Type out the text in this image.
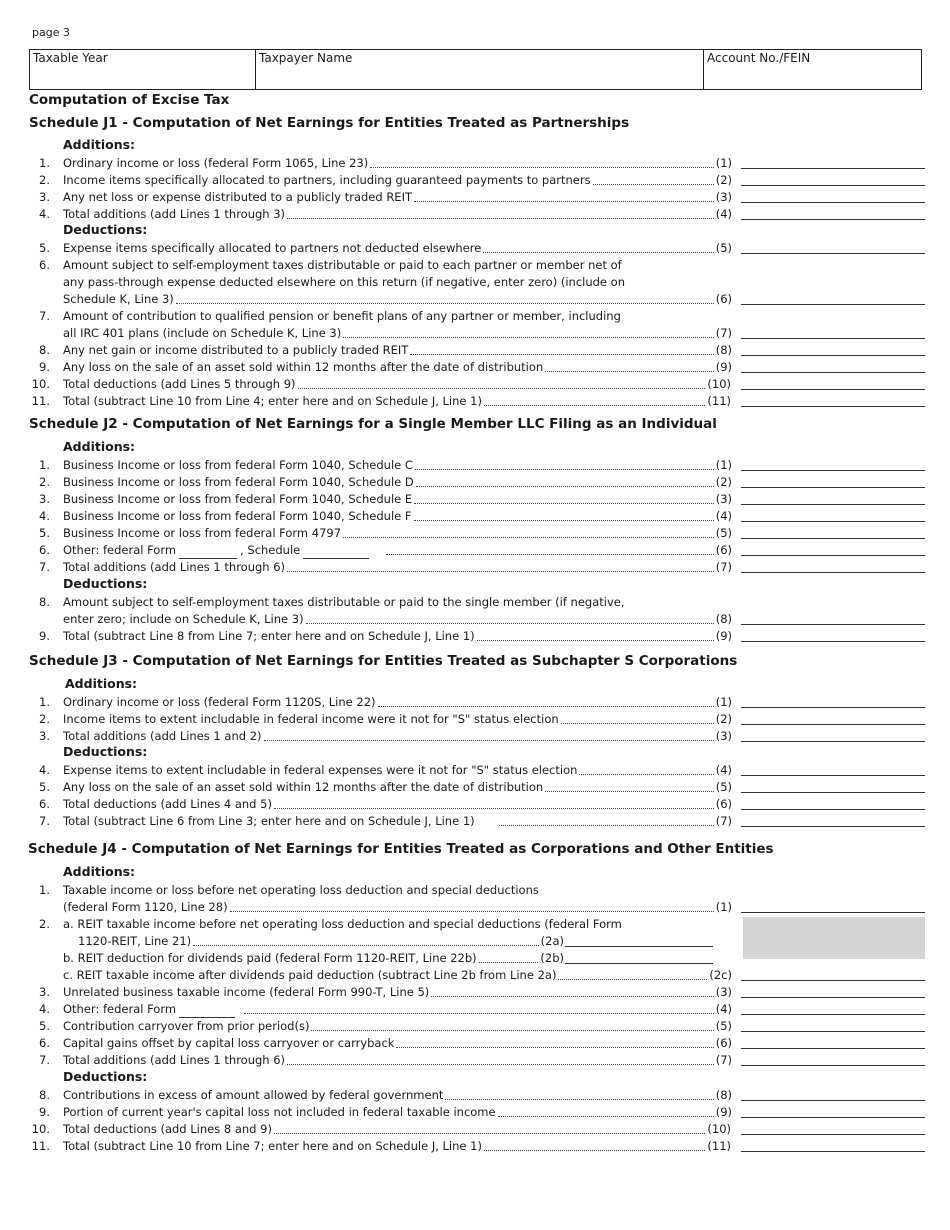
page 3
Taxable Year	Taxpayer Name	Account No./FEIN
Computation of Excise Tax
Schedule J1 - Computation of Net Earnings for Entities Treated as Partnerships
Additions:
1. Ordinary income or loss (federal Form 1065, Line 23)	(1)
2. Income items specifically allocated to partners, including guaranteed payments to partners	(2)
3. Any net loss or expense distributed to a publicly traded REIT	(3)
4. Total additions (add Lines 1 through 3)	(4)
Deductions:
5. Expense items specifically allocated to partners not deducted elsewhere	(5)
6. Amount subject to self-employment taxes distributable or paid to each partner or member net of
any pass-through expense deducted elsewhere on this return (if negative, enter zero) (include on
Schedule K, Line 3)	(6)
7. Amount of contribution to qualified pension or benefit plans of any partner or member, including
all IRC 401 plans (include on Schedule K, Line 3)	(7)
8. Any net gain or income distributed to a publicly traded REIT	(8)
9. Any loss on the sale of an asset sold within 12 months after the date of distribution	(9)
10. Total deductions (add Lines 5 through 9)	(10)
11. Total (subtract Line 10 from Line 4; enter here and on Schedule J, Line 1)	(11)
Schedule J2 - Computation of Net Earnings for a Single Member LLC Filing as an Individual
Additions:
1. Business Income or loss from federal Form 1040, Schedule C	(1)
2. Business Income or loss from federal Form 1040, Schedule D	(2)
3. Business Income or loss from federal Form 1040, Schedule E	(3)
4. Business Income or loss from federal Form 1040, Schedule F	(4)
5. Business Income or loss from federal Form 4797	(5)
6. Other: federal Form	, Schedule	(6)
7. Total additions (add Lines 1 through 6)	(7)
Deductions:
8. Amount subject to self-employment taxes distributable or paid to the single member (if negative,
enter zero; include on Schedule K, Line 3)	(8)
9. Total (subtract Line 8 from Line 7; enter here and on Schedule J, Line 1)	(9)
Schedule J3 - Computation of Net Earnings for Entities Treated as Subchapter S Corporations
Additions:
1. Ordinary income or loss (federal Form 1120S, Line 22)	(1)
2. Income items to extent includable in federal income were it not for "S" status election	(2)
3. Total additions (add Lines 1 and 2)	(3)
Deductions:
4. Expense items to extent includable in federal expenses were it not for "S" status election	(4)
5. Any loss on the sale of an asset sold within 12 months after the date of distribution	(5)
6. Total deductions (add Lines 4 and 5)	(6)
7. Total (subtract Line 6 from Line 3; enter here and on Schedule J, Line 1)	(7)
Schedule J4 - Computation of Net Earnings for Entities Treated as Corporations and Other Entities
Additions:
1. Taxable income or loss before net operating loss deduction and special deductions
(federal Form 1120, Line 28)	(1)
2. a. REIT taxable income before net operating loss deduction and special deductions (federal Form
1120-REIT, Line 21)	(2a)
b. REIT deduction for dividends paid (federal Form 1120-REIT, Line 22b)	(2b)
c. REIT taxable income after dividends paid deduction (subtract Line 2b from Line 2a)	(2c)
3. Unrelated business taxable income (federal Form 990-T, Line 5)	(3)
4. Other: federal Form	(4)
5. Contribution carryover from prior period(s)	(5)
6. Capital gains offset by capital loss carryover or carryback	(6)
7. Total additions (add Lines 1 through 6)	(7)
Deductions:
8. Contributions in excess of amount allowed by federal government	(8)
9. Portion of current year's capital loss not included in federal taxable income	(9)
10. Total deductions (add Lines 8 and 9)	(10)
11. Total (subtract Line 10 from Line 7; enter here and on Schedule J, Line 1)	(11)
